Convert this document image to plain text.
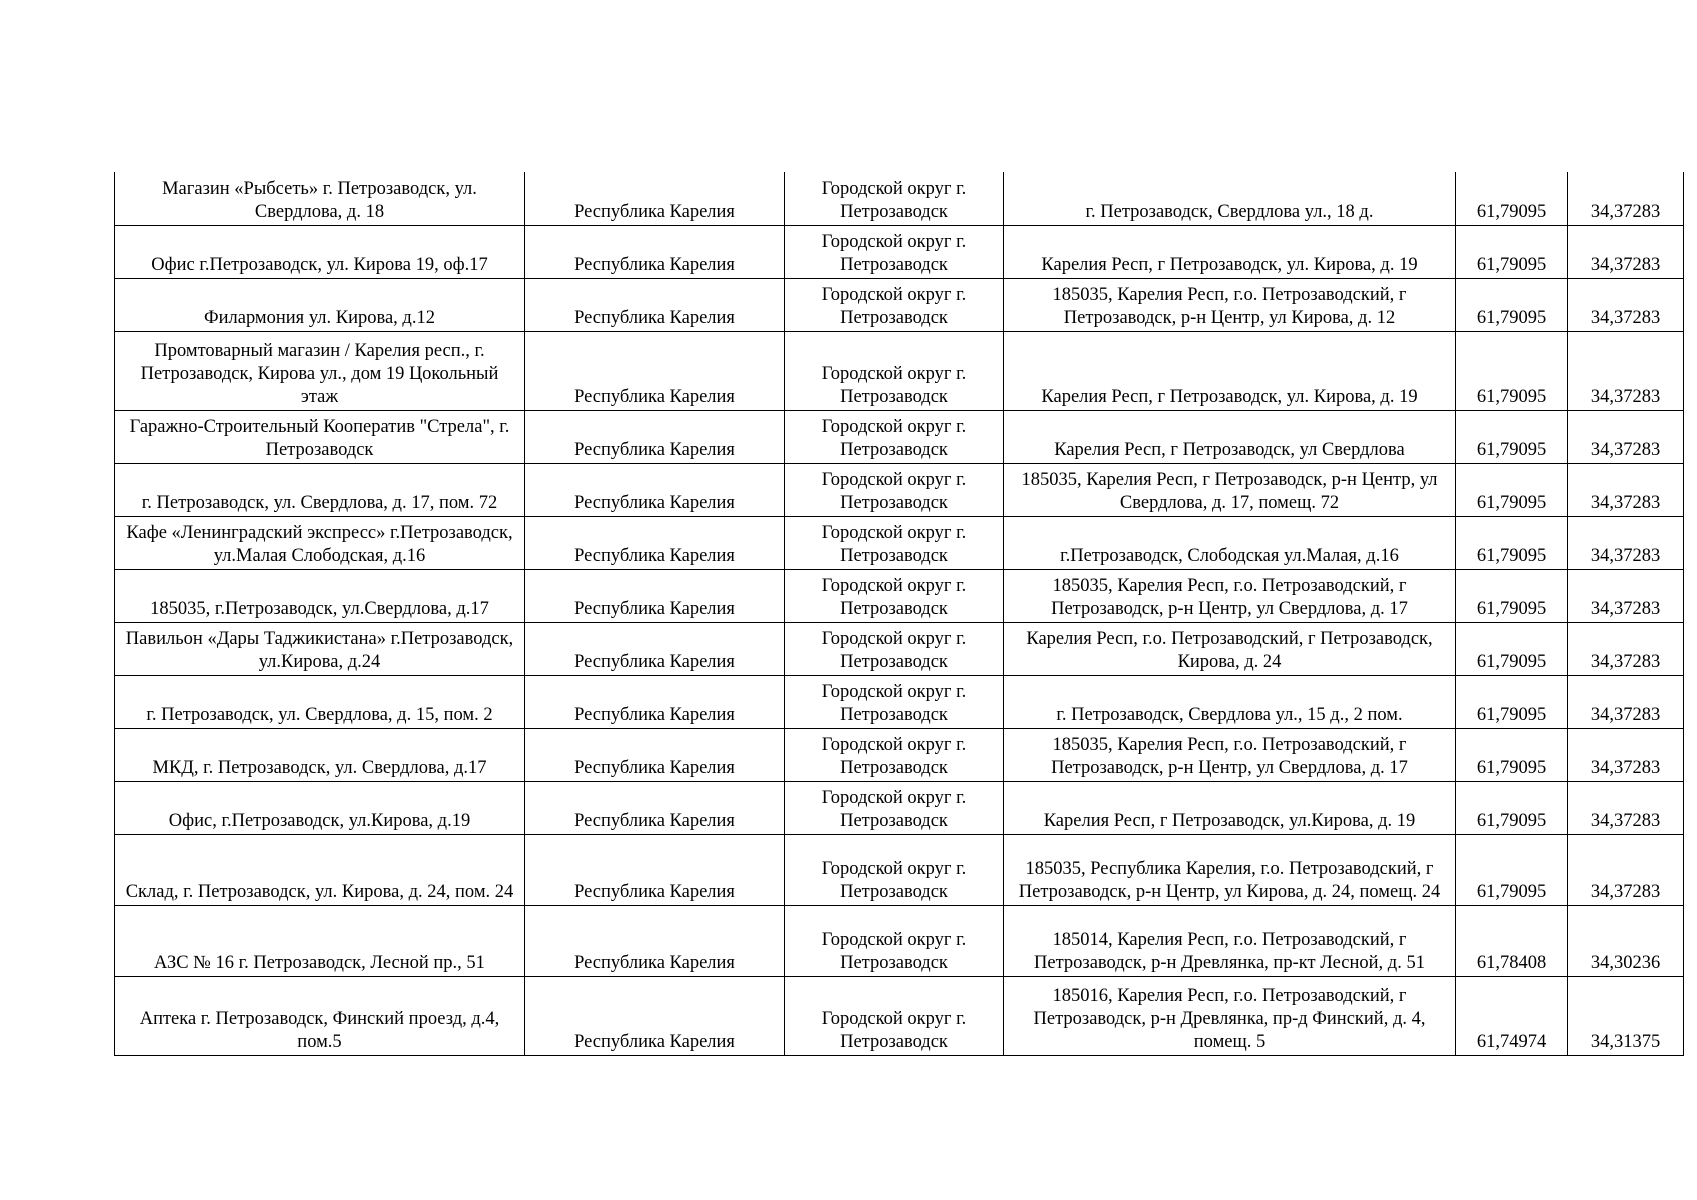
Магазин «Рыбсеть» г. Петрозаводск, ул. Свердлова, д. 18	Республика Карелия	Городской округ г. Петрозаводск	г. Петрозаводск, Свердлова ул., 18 д.	61,79095	34,37283
Офис г.Петрозаводск, ул. Кирова 19, оф.17	Республика Карелия	Городской округ г. Петрозаводск	Карелия Респ, г Петрозаводск, ул. Кирова, д. 19	61,79095	34,37283
Филармония ул. Кирова, д.12	Республика Карелия	Городской округ г. Петрозаводск	185035, Карелия Респ, г.о. Петрозаводский, г Петрозаводск, р-н Центр, ул Кирова, д. 12	61,79095	34,37283
Промтоварный магазин / Карелия респ., г. Петрозаводск, Кирова ул., дом 19 Цокольный этаж	Республика Карелия	Городской округ г. Петрозаводск	Карелия Респ, г Петрозаводск, ул. Кирова, д. 19	61,79095	34,37283
Гаражно-Строительный Кооператив "Стрела", г. Петрозаводск	Республика Карелия	Городской округ г. Петрозаводск	Карелия Респ, г Петрозаводск, ул Свердлова	61,79095	34,37283
г. Петрозаводск, ул. Свердлова, д. 17, пом. 72	Республика Карелия	Городской округ г. Петрозаводск	185035, Карелия Респ, г Петрозаводск, р-н Центр, ул Свердлова, д. 17, помещ. 72	61,79095	34,37283
Кафе «Ленинградский экспресс» г.Петрозаводск, ул.Малая Слободская, д.16	Республика Карелия	Городской округ г. Петрозаводск	г.Петрозаводск, Слободская ул.Малая, д.16	61,79095	34,37283
185035, г.Петрозаводск, ул.Свердлова, д.17	Республика Карелия	Городской округ г. Петрозаводск	185035, Карелия Респ, г.о. Петрозаводский, г Петрозаводск, р-н Центр, ул Свердлова, д. 17	61,79095	34,37283
Павильон «Дары Таджикистана» г.Петрозаводск, ул.Кирова, д.24	Республика Карелия	Городской округ г. Петрозаводск	Карелия Респ, г.о. Петрозаводский, г Петрозаводск, Кирова, д. 24	61,79095	34,37283
г. Петрозаводск, ул. Свердлова, д. 15, пом. 2	Республика Карелия	Городской округ г. Петрозаводск	г. Петрозаводск, Свердлова ул., 15 д., 2 пом.	61,79095	34,37283
МКД, г. Петрозаводск, ул. Свердлова, д.17	Республика Карелия	Городской округ г. Петрозаводск	185035, Карелия Респ, г.о. Петрозаводский, г Петрозаводск, р-н Центр, ул Свердлова, д. 17	61,79095	34,37283
Офис, г.Петрозаводск, ул.Кирова, д.19	Республика Карелия	Городской округ г. Петрозаводск	Карелия Респ, г Петрозаводск, ул.Кирова, д. 19	61,79095	34,37283
Склад, г. Петрозаводск, ул. Кирова, д. 24, пом. 24	Республика Карелия	Городской округ г. Петрозаводск	185035, Республика Карелия, г.о. Петрозаводский, г Петрозаводск, р-н Центр, ул Кирова, д. 24, помещ. 24	61,79095	34,37283
АЗС № 16 г. Петрозаводск, Лесной пр., 51	Республика Карелия	Городской округ г. Петрозаводск	185014, Карелия Респ, г.о. Петрозаводский, г Петрозаводск, р-н Древлянка, пр-кт Лесной, д. 51	61,78408	34,30236
Аптека г. Петрозаводск, Финский проезд, д.4, пом.5	Республика Карелия	Городской округ г. Петрозаводск	185016, Карелия Респ, г.о. Петрозаводский, г Петрозаводск, р-н Древлянка, пр-д Финский, д. 4, помещ. 5	61,74974	34,31375
